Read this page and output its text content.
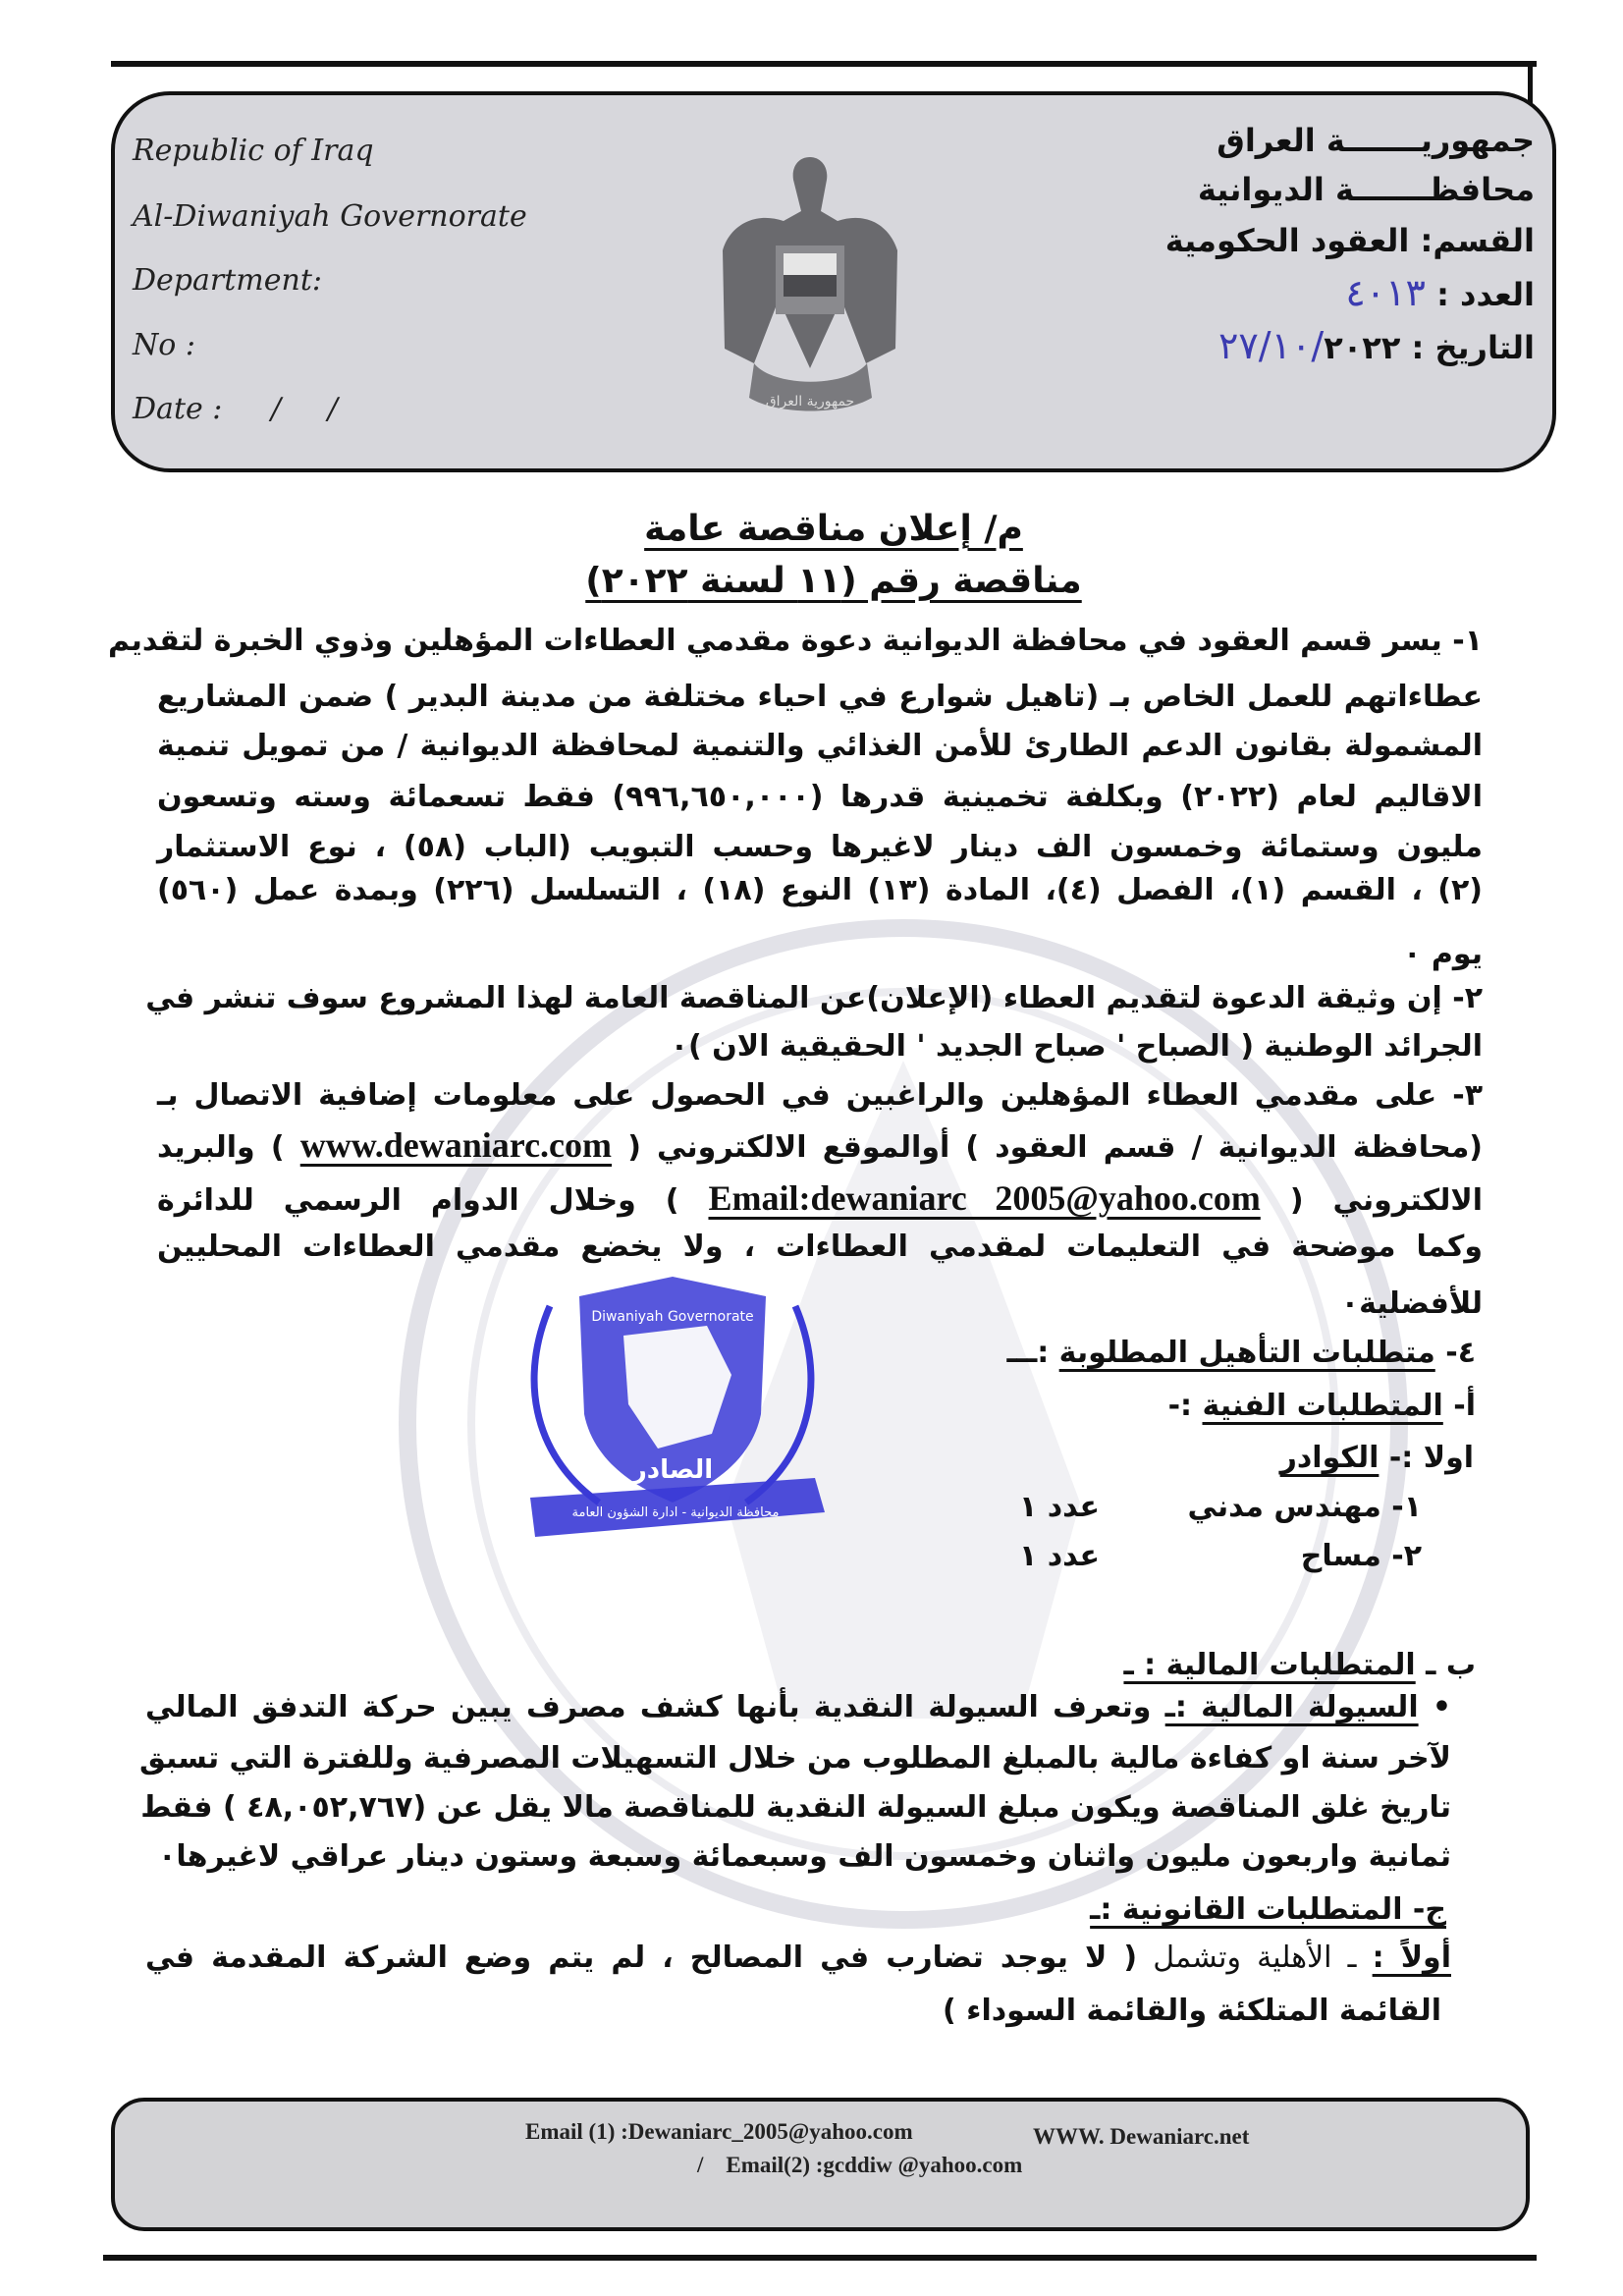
Republic of Iraq
Al-Diwaniyah Governorate
Department:
No :
Date : /     /	جمهورية العراق
جمهوريـــــــة العراق
محافظـــــــة الديوانية
القسم: العقود الحكومية
العدد : ٤٠١٣
التاريخ : ٢٧/١٠/٢٠٢٢
م/ إعلان مناقصة عامة
مناقصة رقم (١١ لسنة ٢٠٢٢)
١- يسر قسم العقود في محافظة الديوانية دعوة مقدمي العطاءات المؤهلين وذوي الخبرة لتقديم
عطاءاتهم للعمل الخاص بـ (تاهيل شوارع في احياء مختلفة من مدينة البدير ) ضمن المشاريع
المشمولة بقانون الدعم الطارئ للأمن الغذائي والتنمية لمحافظة الديوانية / من تمويل تنمية
الاقاليم لعام (٢٠٢٢) وبكلفة تخمينية قدرها (٩٩٦,٦٥٠,٠٠٠) فقط تسعمائة وسته وتسعون
مليون وستمائة وخمسون الف دينار لاغيرها وحسب التبويب (الباب (٥٨) ، نوع الاستثمار
(٢) ، القسم (١)، الفصل (٤)، المادة (١٣) النوع (١٨) ، التسلسل (٢٢٦) وبمدة عمل (٥٦٠)
يوم ٠
٢- إن وثيقة الدعوة لتقديم العطاء (الإعلان)عن المناقصة العامة لهذا المشروع سوف تنشر في
الجرائد الوطنية ( الصباح ' صباح الجديد ' الحقيقية الان )٠
٣- على مقدمي العطاء المؤهلين والراغبين في الحصول على معلومات إضافية الاتصال بـ
(محافظة الديوانية / قسم العقود ) أوالموقع الالكتروني ( www.dewaniarc.com ) والبريد
الالكتروني ( Email:dewaniarc 2005@yahoo.com ) وخلال الدوام الرسمي للدائرة
وكما موضحة في التعليمات لمقدمي العطاءات ، ولا يخضع مقدمي العطاءات المحليين
للأفضلية٠
Diwaniyah Governorate
الصادر
محافظة الديوانية - ادارة الشؤون العامة
٤- متطلبات التأهيل المطلوبة :ـــ
أ- المتطلبات الفنية :-
اولا :- الكوادر
١- مهندس مدني
عدد ١
٢- مساح
عدد ١
ب ـ المتطلبات المالية : ـ
• السيولة المالية :ـ وتعرف السيولة النقدية بأنها كشف مصرف يبين حركة التدفق المالي
لآخر سنة او كفاءة مالية بالمبلغ المطلوب من خلال التسهيلات المصرفية وللفترة التي تسبق
تاريخ غلق المناقصة ويكون مبلغ السيولة النقدية للمناقصة مالا يقل عن (٤٨,٠٥٢,٧٦٧ ) فقط
ثمانية واربعون مليون واثنان وخمسون الف وسبعمائة وسبعة وستون دينار عراقي لاغيرها٠
ج- المتطلبات القانونية :ـ
أولاً : ـ الأهلية وتشمل ( لا يوجد تضارب في المصالح ، لم يتم وضع الشركة المقدمة في
القائمة المتلكئة والقائمة السوداء )
Email (1) :Dewaniarc_2005@yahoo.com	WWW. Dewaniarc.net
/    Email(2) :gcddiw @yahoo.com
